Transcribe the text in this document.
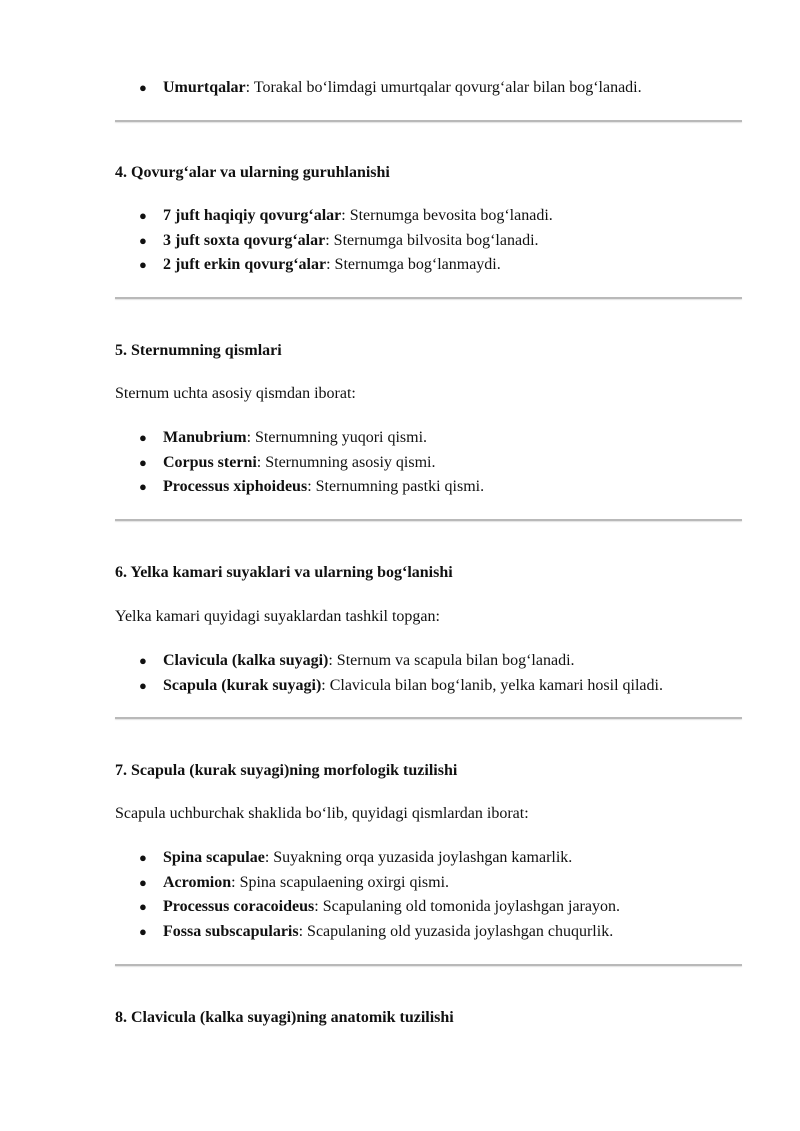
● Umurtqalar: Torakal bo‘limdagi umurtqalar qovurg‘alar bilan bog‘lanadi.
4. Qovurg‘alar va ularning guruhlanishi
● 7 juft haqiqiy qovurg‘alar: Sternumga bevosita bog‘lanadi.
● 3 juft soxta qovurg‘alar: Sternumga bilvosita bog‘lanadi.
● 2 juft erkin qovurg‘alar: Sternumga bog‘lanmaydi.
5. Sternumning qismlari
Sternum uchta asosiy qismdan iborat:
● Manubrium: Sternumning yuqori qismi.
● Corpus sterni: Sternumning asosiy qismi.
● Processus xiphoideus: Sternumning pastki qismi.
6. Yelka kamari suyaklari va ularning bog‘lanishi
Yelka kamari quyidagi suyaklardan tashkil topgan:
● Clavicula (kalka suyagi): Sternum va scapula bilan bog‘lanadi.
● Scapula (kurak suyagi): Clavicula bilan bog‘lanib, yelka kamari hosil qiladi.
7. Scapula (kurak suyagi)ning morfologik tuzilishi
Scapula uchburchak shaklida bo‘lib, quyidagi qismlardan iborat:
● Spina scapulae: Suyakning orqa yuzasida joylashgan kamarlik.
● Acromion: Spina scapulaening oxirgi qismi.
● Processus coracoideus: Scapulaning old tomonida joylashgan jarayon.
● Fossa subscapularis: Scapulaning old yuzasida joylashgan chuqurlik.
8. Clavicula (kalka suyagi)ning anatomik tuzilishi
